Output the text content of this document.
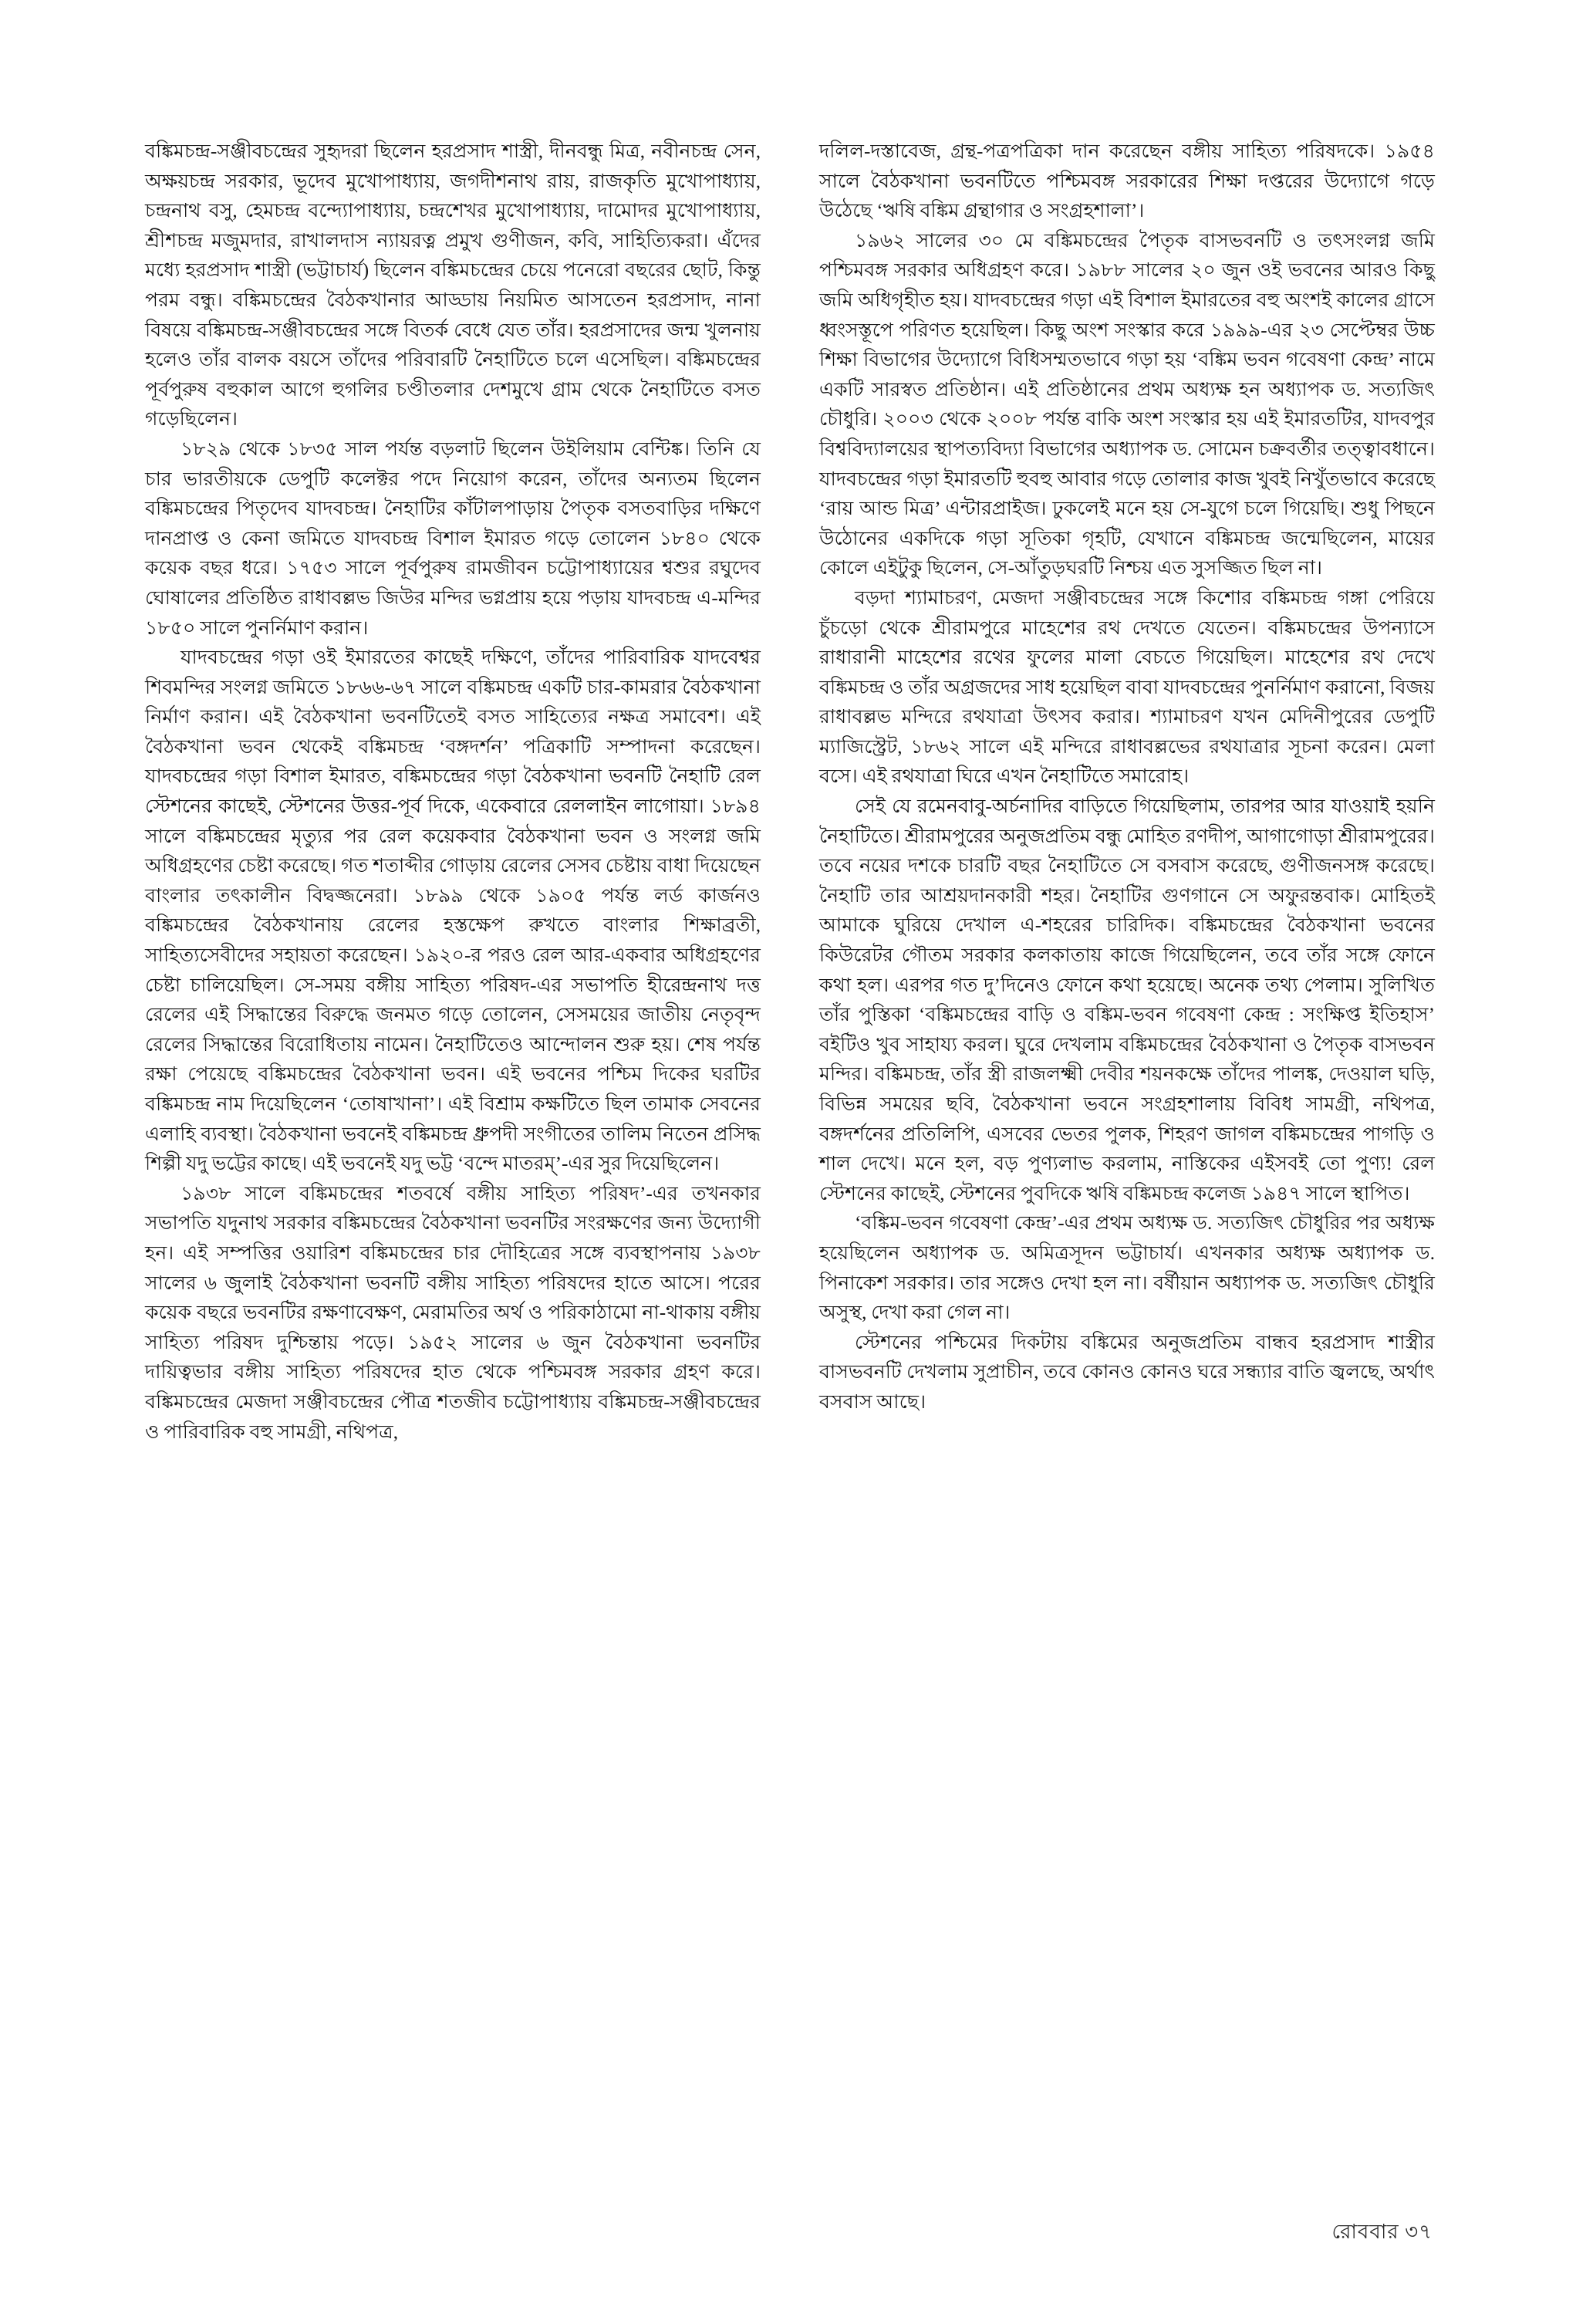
বঙ্কিমচন্দ্র-সঞ্জীবচন্দ্রের সুহৃদরা ছিলেন হরপ্রসাদ শাস্ত্রী, দীনবন্ধু মিত্র, নবীনচন্দ্র সেন, অক্ষয়চন্দ্র সরকার, ভূদেব মুখোপাধ্যায়, জগদীশনাথ রায়, রাজকৃতি মুখোপাধ্যায়, চন্দ্রনাথ বসু, হেমচন্দ্র বন্দ্যোপাধ্যায়, চন্দ্রশেখর মুখোপাধ্যায়, দামোদর মুখোপাধ্যায়, শ্রীশচন্দ্র মজুমদার, রাখালদাস ন্যায়রত্ন প্রমুখ গুণীজন, কবি, সাহিত্যিকরা। এঁদের মধ্যে হরপ্রসাদ শাস্ত্রী (ভট্টাচার্য) ছিলেন বঙ্কিমচন্দ্রের চেয়ে পনেরো বছরের ছোট, কিন্তু পরম বন্ধু। বঙ্কিমচন্দ্রের বৈঠকখানার আড্ডায় নিয়মিত আসতেন হরপ্রসাদ, নানা বিষয়ে বঙ্কিমচন্দ্র-সঞ্জীবচন্দ্রের সঙ্গে বিতর্ক বেধে যেত তাঁর। হরপ্রসাদের জন্ম খুলনায় হলেও তাঁর বালক বয়সে তাঁদের পরিবারটি নৈহাটিতে চলে এসেছিল। বঙ্কিমচন্দ্রের পূর্বপুরুষ বহুকাল আগে হুগলির চণ্ডীতলার দেশমুখে গ্রাম থেকে নৈহাটিতে বসত গড়েছিলেন।

১৮২৯ থেকে ১৮৩৫ সাল পর্যন্ত বড়লাট ছিলেন উইলিয়াম বেন্টিঙ্ক। তিনি যে চার ভারতীয়কে ডেপুটি কলেক্টর পদে নিয়োগ করেন, তাঁদের অন্যতম ছিলেন বঙ্কিমচন্দ্রের পিতৃদেব যাদবচন্দ্র। নৈহাটির কাঁটালপাড়ায় পৈতৃক বসতবাড়ির দক্ষিণে দানপ্রাপ্ত ও কেনা জমিতে যাদবচন্দ্র বিশাল ইমারত গড়ে তোলেন ১৮৪০ থেকে কয়েক বছর ধরে। ১৭৫৩ সালে পূর্বপুরুষ রামজীবন চট্টোপাধ্যায়ের শ্বশুর রঘুদেব ঘোষালের প্রতিষ্ঠিত রাধাবল্লভ জিউর মন্দির ভগ্নপ্রায় হয়ে পড়ায় যাদবচন্দ্র এ-মন্দির ১৮৫০ সালে পুনর্নিমাণ করান।

যাদবচন্দ্রের গড়া ওই ইমারতের কাছেই দক্ষিণে, তাঁদের পারিবারিক যাদবেশ্বর শিবমন্দির সংলগ্ন জমিতে ১৮৬৬-৬৭ সালে বঙ্কিমচন্দ্র একটি চার-কামরার বৈঠকখানা নির্মাণ করান। এই বৈঠকখানা ভবনটিতেই বসত সাহিত্যের নক্ষত্র সমাবেশ। এই বৈঠকখানা ভবন থেকেই বঙ্কিমচন্দ্র ‘বঙ্গদর্শন’ পত্রিকাটি সম্পাদনা করেছেন। যাদবচন্দ্রের গড়া বিশাল ইমারত, বঙ্কিমচন্দ্রের গড়া বৈঠকখানা ভবনটি নৈহাটি রেল স্টেশনের কাছেই, স্টেশনের উত্তর-পূর্ব দিকে, একেবারে রেললাইন লাগোয়া। ১৮৯৪ সালে বঙ্কিমচন্দ্রের মৃত্যুর পর রেল কয়েকবার বৈঠকখানা ভবন ও সংলগ্ন জমি অধিগ্রহণের চেষ্টা করেছে। গত শতাব্দীর গোড়ায় রেলের সেসব চেষ্টায় বাধা দিয়েছেন বাংলার তৎকালীন বিদ্বজ্জনেরা। ১৮৯৯ থেকে ১৯০৫ পর্যন্ত লর্ড কার্জনও বঙ্কিমচন্দ্রের বৈঠকখানায় রেলের হস্তক্ষেপ রুখতে বাংলার শিক্ষাব্রতী, সাহিত্যসেবীদের সহায়তা করেছেন। ১৯২০-র পরও রেল আর-একবার অধিগ্রহণের চেষ্টা চালিয়েছিল। সে-সময় বঙ্গীয় সাহিত্য পরিষদ-এর সভাপতি হীরেন্দ্রনাথ দত্ত রেলের এই সিদ্ধান্তের বিরুদ্ধে জনমত গড়ে তোলেন, সেসময়ের জাতীয় নেতৃবৃন্দ রেলের সিদ্ধান্তের বিরোধিতায় নামেন। নৈহাটিতেও আন্দোলন শুরু হয়। শেষ পর্যন্ত রক্ষা পেয়েছে বঙ্কিমচন্দ্রের বৈঠকখানা ভবন। এই ভবনের পশ্চিম দিকের ঘরটির বঙ্কিমচন্দ্র নাম দিয়েছিলেন ‘তোষাখানা’। এই বিশ্রাম কক্ষটিতে ছিল তামাক সেবনের এলাহি ব্যবস্থা। বৈঠকখানা ভবনেই বঙ্কিমচন্দ্র ধ্রুপদী সংগীতের তালিম নিতেন প্রসিদ্ধ শিল্পী যদু ভট্টের কাছে। এই ভবনেই যদু ভট্ট ‘বন্দে মাতরম্‌’-এর সুর দিয়েছিলেন।

১৯৩৮ সালে বঙ্কিমচন্দ্রের শতবর্ষে বঙ্গীয় সাহিত্য পরিষদ’-এর তখনকার সভাপতি যদুনাথ সরকার বঙ্কিমচন্দ্রের বৈঠকখানা ভবনটির সংরক্ষণের জন্য উদ্যোগী হন। এই সম্পত্তির ওয়ারিশ বঙ্কিমচন্দ্রের চার দৌহিত্রের সঙ্গে ব্যবস্থাপনায় ১৯৩৮ সালের ৬ জুলাই বৈঠকখানা ভবনটি বঙ্গীয় সাহিত্য পরিষদের হাতে আসে। পরের কয়েক বছরে ভবনটির রক্ষণাবেক্ষণ, মেরামতির অর্থ ও পরিকাঠামো না-থাকায় বঙ্গীয় সাহিত্য পরিষদ দুশ্চিন্তায় পড়ে। ১৯৫২ সালের ৬ জুন বৈঠকখানা ভবনটির দায়িত্বভার বঙ্গীয় সাহিত্য পরিষদের হাত থেকে পশ্চিমবঙ্গ সরকার গ্রহণ করে। বঙ্কিমচন্দ্রের মেজদা সঞ্জীবচন্দ্রের পৌত্র শতজীব চট্টোপাধ্যায় বঙ্কিমচন্দ্র-সঞ্জীবচন্দ্রের ও পারিবারিক বহু সামগ্রী, নথিপত্র,

দলিল-দস্তাবেজ, গ্রন্থ-পত্রপত্রিকা দান করেছেন বঙ্গীয় সাহিত্য পরিষদকে। ১৯৫৪ সালে বৈঠকখানা ভবনটিতে পশ্চিমবঙ্গ সরকারের শিক্ষা দপ্তরের উদ্যোগে গড়ে উঠেছে ‘ঋষি বঙ্কিম গ্রন্থাগার ও সংগ্রহশালা’।

১৯৬২ সালের ৩০ মে বঙ্কিমচন্দ্রের পৈতৃক বাসভবনটি ও তৎসংলগ্ন জমি পশ্চিমবঙ্গ সরকার অধিগ্রহণ করে। ১৯৮৮ সালের ২০ জুন ওই ভবনের আরও কিছু জমি অধিগৃহীত হয়। যাদবচন্দ্রের গড়া এই বিশাল ইমারতের বহু অংশই কালের গ্রাসে ধ্বংসস্তূপে পরিণত হয়েছিল। কিছু অংশ সংস্কার করে ১৯৯৯-এর ২৩ সেপ্টেম্বর উচ্চ শিক্ষা বিভাগের উদ্যোগে বিধিসম্মতভাবে গড়া হয় ‘বঙ্কিম ভবন গবেষণা কেন্দ্র’ নামে একটি সারস্বত প্রতিষ্ঠান। এই প্রতিষ্ঠানের প্রথম অধ্যক্ষ হন অধ্যাপক ড. সত্যজিৎ চৌধুরি। ২০০৩ থেকে ২০০৮ পর্যন্ত বাকি অংশ সংস্কার হয় এই ইমারতটির, যাদবপুর বিশ্ববিদ্যালয়ের স্থাপত্যবিদ্যা বিভাগের অধ্যাপক ড. সোমেন চক্রবর্তীর তত্ত্বাবধানে। যাদবচন্দ্রের গড়া ইমারতটি হুবহু আবার গড়ে তোলার কাজ খুবই নিখুঁতভাবে করেছে ‘রায় আন্ড মিত্র’ এন্টারপ্রাইজ। ঢুকলেই মনে হয় সে-যুগে চলে গিয়েছি। শুধু পিছনে উঠোনের একদিকে গড়া সূতিকা গৃহটি, যেখানে বঙ্কিমচন্দ্র জন্মেছিলেন, মায়ের কোলে এইটুকু ছিলেন, সে-আঁতুড়ঘরটি নিশ্চয় এত সুসজ্জিত ছিল না।

বড়দা শ্যামাচরণ, মেজদা সঞ্জীবচন্দ্রের সঙ্গে কিশোর বঙ্কিমচন্দ্র গঙ্গা পেরিয়ে চুঁচড়ো থেকে শ্রীরামপুরে মাহেশের রথ দেখতে যেতেন। বঙ্কিমচন্দ্রের উপন্যাসে রাধারানী মাহেশের রথের ফুলের মালা বেচতে গিয়েছিল। মাহেশের রথ দেখে বঙ্কিমচন্দ্র ও তাঁর অগ্রজদের সাধ হয়েছিল বাবা যাদবচন্দ্রের পুনর্নিমাণ করানো, বিজয় রাধাবল্লভ মন্দিরে রথযাত্রা উৎসব করার। শ্যামাচরণ যখন মেদিনীপুরের ডেপুটি ম্যাজিস্ট্রেট, ১৮৬২ সালে এই মন্দিরে রাধাবল্লভের রথযাত্রার সূচনা করেন। মেলা বসে। এই রথযাত্রা ঘিরে এখন নৈহাটিতে সমারোহ।

সেই যে রমেনবাবু-অর্চনাদির বাড়িতে গিয়েছিলাম, তারপর আর যাওয়াই হয়নি নৈহাটিতে। শ্রীরামপুরের অনুজপ্রতিম বন্ধু মোহিত রণদীপ, আগাগোড়া শ্রীরামপুরের। তবে নয়ের দশকে চারটি বছর নৈহাটিতে সে বসবাস করেছে, গুণীজনসঙ্গ করেছে। নৈহাটি তার আশ্রয়দানকারী শহর। নৈহাটির গুণগানে সে অফুরন্তবাক। মোহিতই আমাকে ঘুরিয়ে দেখাল এ-শহরের চারিদিক। বঙ্কিমচন্দ্রের বৈঠকখানা ভবনের কিউরেটর গৌতম সরকার কলকাতায় কাজে গিয়েছিলেন, তবে তাঁর সঙ্গে ফোনে কথা হল। এরপর গত দু’দিনেও ফোনে কথা হয়েছে। অনেক তথ্য পেলাম। সুলিখিত তাঁর পুস্তিকা ‘বঙ্কিমচন্দ্রের বাড়ি ও বঙ্কিম-ভবন গবেষণা কেন্দ্র : সংক্ষিপ্ত ইতিহাস’ বইটিও খুব সাহায্য করল। ঘুরে দেখলাম বঙ্কিমচন্দ্রের বৈঠকখানা ও পৈতৃক বাসভবন মন্দির। বঙ্কিমচন্দ্র, তাঁর স্ত্রী রাজলক্ষ্মী দেবীর শয়নকক্ষে তাঁদের পালঙ্ক, দেওয়াল ঘড়ি, বিভিন্ন সময়ের ছবি, বৈঠকখানা ভবনে সংগ্রহশালায় বিবিধ সামগ্রী, নথিপত্র, বঙ্গদর্শনের প্রতিলিপি, এসবের ভেতর পুলক, শিহরণ জাগল বঙ্কিমচন্দ্রের পাগড়ি ও শাল দেখে। মনে হল, বড় পুণ্যলাভ করলাম, নাস্তিকের এইসবই তো পুণ্য! রেল স্টেশনের কাছেই, স্টেশনের পুবদিকে ঋষি বঙ্কিমচন্দ্র কলেজ ১৯৪৭ সালে স্থাপিত।

‘বঙ্কিম-ভবন গবেষণা কেন্দ্র’-এর প্রথম অধ্যক্ষ ড. সত্যজিৎ চৌধুরির পর অধ্যক্ষ হয়েছিলেন অধ্যাপক ড. অমিত্রসূদন ভট্টাচার্য। এখনকার অধ্যক্ষ অধ্যাপক ড. পিনাকেশ সরকার। তার সঙ্গেও দেখা হল না। বর্ষীয়ান অধ্যাপক ড. সত্যজিৎ চৌধুরি অসুস্থ, দেখা করা গেল না।

স্টেশনের পশ্চিমের দিকটায় বঙ্কিমের অনুজপ্রতিম বান্ধব হরপ্রসাদ শাস্ত্রীর বাসভবনটি দেখলাম সুপ্রাচীন, তবে কোনও কোনও ঘরে সন্ধ্যার বাতি জ্বলছে, অর্থাৎ বসবাস আছে।

রোববার ৩৭
